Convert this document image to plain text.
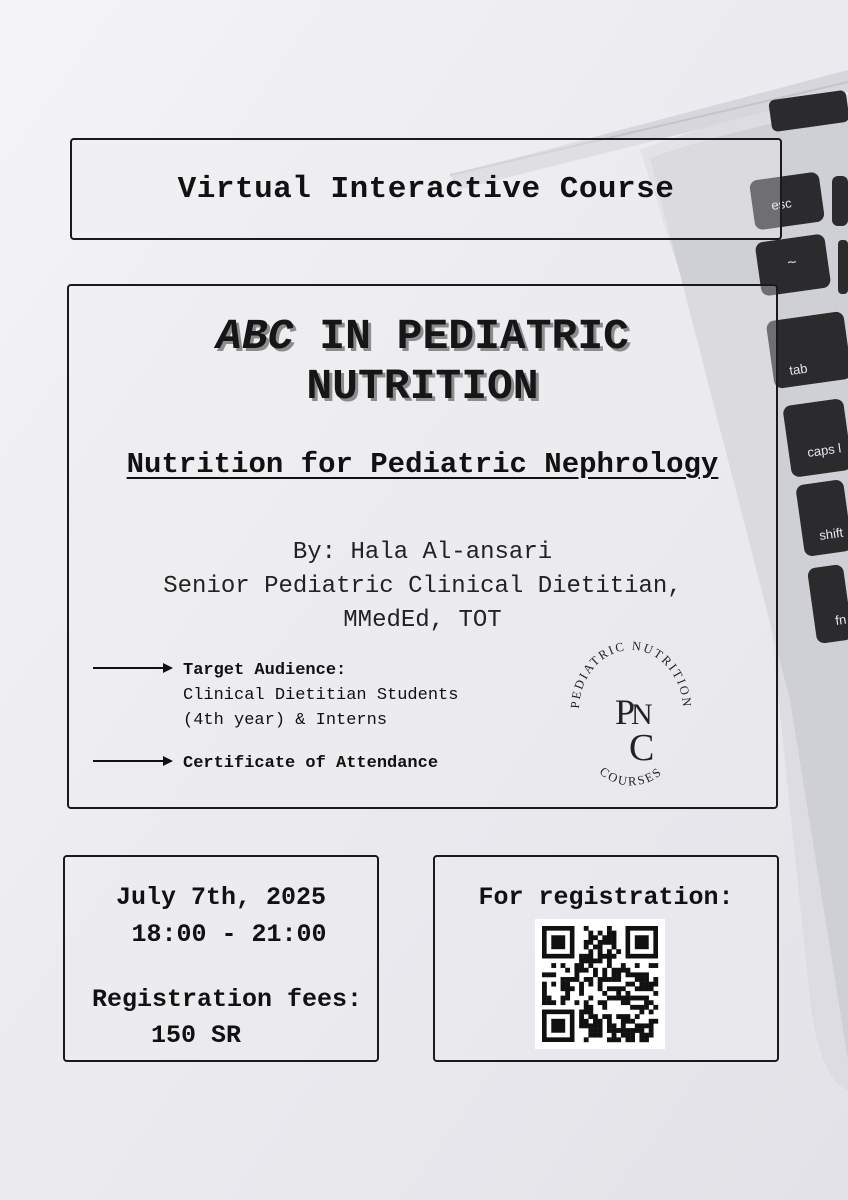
esc
~
tab
caps l
shift
fn
Virtual Interactive Course
ABC IN PEDIATRIC
NUTRITION
Nutrition for Pediatric Nephrology
By: Hala Al-ansari
Senior Pediatric Clinical Dietitian,
MMedEd, TOT
Target Audience:
Clinical Dietitian Students
(4th year) & Interns
Certificate of Attendance
PEDIATRIC NUTRITION
COURSES
P
N
C
July 7th, 2025
18:00 - 21:00
Registration fees:
150 SR
For registration:
